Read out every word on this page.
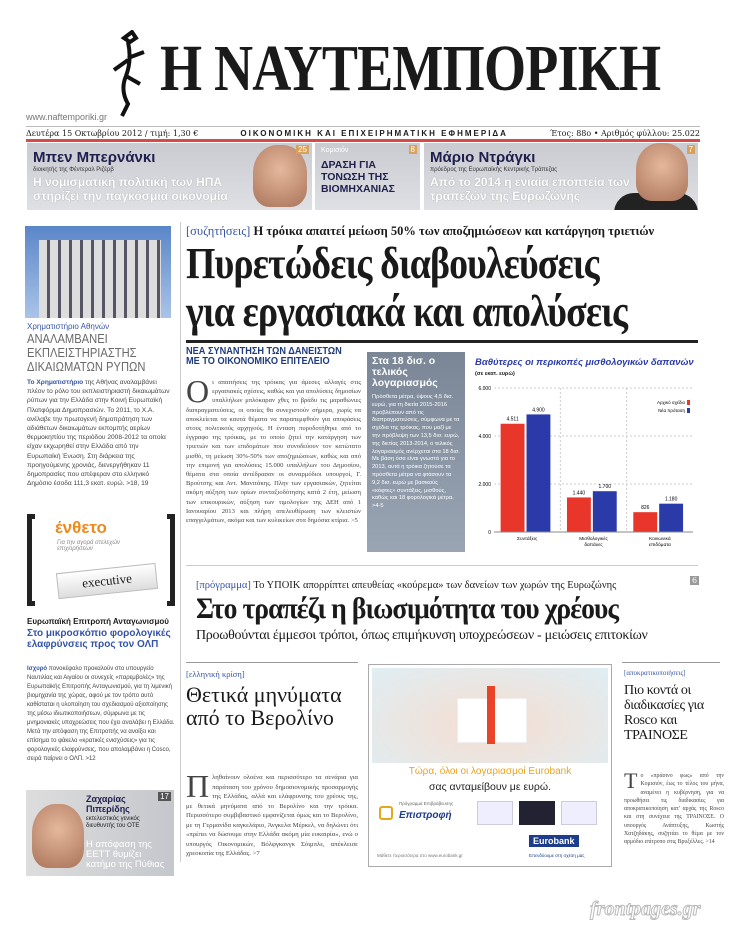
Η ΝΑΥΤΕΜΠΟΡΙΚΗ
www.naftemporiki.gr
Δευτέρα 15 Οκτωβρίου 2012 / τιμή: 1,30 €	ΟΙΚΟΝΟΜΙΚΗ ΚΑΙ ΕΠΙΧΕΙΡΗΜΑΤΙΚΗ ΕΦΗΜΕΡΙΔΑ	Έτος: 88ο • Αριθμός φύλλου: 25.022
Μπεν Μπερνάνκι
διοικητής της Φέντεραλ Ριζέρβ
Η νομισματική πολιτική των ΗΠΑ στηρίζει την παγκόσμια οικονομία
25 Κομισιόν
ΔΡΑΣΗ ΓΙΑ ΤΟΝΩΣΗ ΤΗΣ ΒΙΟΜΗΧΑΝΙΑΣ
8 Μάριο Ντράγκι
πρόεδρος της Ευρωπαϊκής Κεντρικής Τράπεζας
Από το 2014 η ενιαία εποπτεία των τραπεζών της Ευρωζώνης
7
Χρηματιστήριο Αθηνών
ΑΝΑΛΑΜΒΑΝΕΙ ΕΚΠΛΕΙΣΤΗΡΙΑΣΤΗΣ ΔΙΚΑΙΩΜΑΤΩΝ ΡΥΠΩΝ
Το Χρηματιστήριο της Αθήνας αναλαμβάνει πλέον το ρόλο του εκπλειστηριαστή δικαιωμάτων ρύπων για την Ελλάδα στην Κοινή Ευρωπαϊκή Πλατφόρμα Δημοπρασιών. Το 2011, το Χ.Α. ανέλαβε την πρωτογενή δημοπράτηση των αδιάθετων δικαιωμάτων εκπομπής αερίων θερμοκηπίου της περιόδου 2008-2012 τα οποία είχαν εκχωρηθεί στην Ελλάδα από την Ευρωπαϊκή Ένωση. Στη διάρκεια της προηγούμενης χρονιάς, διενεργήθηκαν 11 δημοπρασίες που απέφεραν στο ελληνικό Δημόσιο έσοδα 111,3 εκατ. ευρώ. >18, 19
ένθετο
Για την αγορά στελεχών επιχειρήσεων
executive
Ευρωπαϊκή Επιτροπή Ανταγωνισμού
Στο μικροσκόπιο φορολογικές ελαφρύνσεις προς τον ΟΛΠ
Ισχυρό πονοκέφαλο προκαλούν στο υπουργείο Ναυτιλίας και Αιγαίου οι συνεχείς «παρεμβολές» της Ευρωπαϊκής Επιτροπής Ανταγωνισμού, για τη λιμενική βιομηχανία της χώρας, αφού με τον τρόπο αυτό καθίσταται η υλοποίηση του σχεδιασμού αξιοποίησης της μέσω ιδιωτικοποιήσεων, σύμφωνα με τις μνημονιακές υποχρεώσεις που έχει αναλάβει η Ελλάδα. Μετά την απόφαση της Επιτροπής να ανοίξει και επίσημα το φάκελο «κρατικές ενισχύσεις» για τις φορολογικές ελαφρύνσεις, που απολαμβάνει η Cosco, σειρά παίρνει ο ΟΛΠ. >12
Ζαχαρίας Πιπερίδης
εκτελεστικός γενικός διευθυντής του ΟΤΕ
Η απόφαση της ΕΕΤΤ θυμίζει κατήμο της Πύθιας
17
[συζητήσεις] Η τρόικα απαιτεί μείωση 50% των αποζημιώσεων και κατάργηση τριετιών
Πυρετώδεις διαβουλεύσεις
για εργασιακά και απολύσεις
ΝΕΑ ΣΥΝΑΝΤΗΣΗ ΤΩΝ ΔΑΝΕΙΣΤΩΝ ΜΕ ΤΟ ΟΙΚΟΝΟΜΙΚΟ ΕΠΙΤΕΛΕΙΟ
Οι απαιτήσεις της τρόικας για άμεσες αλλαγές στις εργασιακές σχέσεις, καθώς και για απολύσεις δημοσίων υπαλλήλων μπλόκαραν χθες το βράδυ τις μαραθώνιες διαπραγματεύσεις, οι οποίες θα συνεχιστούν σήμερα, χωρίς να αποκλείεται τα καυτά θέματα να παραπεμφθούν για αποφάσεις στους πολιτικούς αρχηγούς. Η ένταση πυροδοτήθηκε από το έγγραφο της τρόικας, με το οποίο ζητεί την κατάργηση των τριετιών και των επιδομάτων που συνοδεύουν τον κατώτατο μισθό, τη μείωση 30%-50% των αποζημιώσεων, καθώς και από την επιμονή για απολύσεις 15.000 υπαλλήλων του Δημοσίου, θέματα στα οποία αντέδρασαν οι συναρμόδιοι υπουργοί, Γ. Βρούτσης και Αντ. Μανιτάκης. Πλην των εργασιακών, ζητείται ακόμη αύξηση των ορίων συνταξιοδότησης κατά 2 έτη, μείωση των επικουρικών, αύξηση των τιμολογίων της ΔΕΗ από 1 Ιανουαρίου 2013 και πλήρη απελευθέρωση των κλειστών επαγγελμάτων, ακόμα και των κυλικείων στα δημόσια κτίρια. >5
Στα 18 δισ. ο τελικός λογαριασμός
Πρόσθετα μέτρα, ύψους 4,5 δισ. ευρώ, για τη διετία 2015-2016 προβλέπουν από τις διαπραγματεύσεις, σύμφωνα με τα σχέδια της τρόικας, που μαζί με την πρόβλεψη των 13,5 δισ. ευρώ, της διετίας 2013-2014, ο τελικός λογαριασμός ανέρχεται στα 18 δισ. Με βάση όσα είναι γνωστά για το 2013, αυτά η τρόικα ζητούσε τα πρόσθετα μέτρα να φτάσουν τα 9,2 δισ. ευρώ με βασικούς «κόφτες» συντάξεις, μισθούς, καθώς και 18 φορολογικά μέτρα. >4-5
Βαθύτερες οι περικοπές μισθολογικών δαπανών
(σε εκατ. ευρώ)
0
2.000
4.000
6.000
Συντάξεις
4.511
4.900
Μισθολογικές
δαπάνες
1.440
1.700
Κοινωνικά
επιδόματα
826
1.180
Αρχικό σχέδιο
Νέα πρόταση
[πρόγραμμα] Το ΥΠΟΙΚ απορρίπτει απευθείας «κούρεμα» των δανείων των χωρών της Ευρωζώνης	6
Στο τραπέζι η βιωσιμότητα του χρέους
Προωθούνται έμμεσοι τρόποι, όπως επιμήκυνση υποχρεώσεων - μειώσεις επιτοκίων
[ελληνική κρίση]
Θετικά μηνύματα από το Βερολίνο
Πληθαίνουν ολοένα και περισσότερο τα σενάρια για παράταση του χρόνου δημοσιονομικής προσαρμογής της Ελλάδας, αλλά και ελάφρυνσης του χρέους της, με θετικά μηνύματα από το Βερολίνο και την τρόικα. Περισσότερο συμβιβαστικό εμφανίζεται όμως και το Βερολίνο, με τη Γερμανίδα καγκελάριο, Άνγκελα Μέρκελ, να δηλώνει ότι «πρέπει να δώσουμε στην Ελλάδα ακόμη μία ευκαιρία», ενώ ο υπουργός Οικονομικών, Βόλφγκανγκ Σόιμπλε, απέκλεισε χρεοκοπία της Ελλάδας. >7
Τώρα, όλοι οι λογαριασμοί Eurobank
σας ανταμείβουν με ευρώ.
Πρόγραμμα Επιβράβευσης
Επιστροφή
Eurobank
Επενδύουμε στη σχέση μας
Μάθετε περισσότερα στο www.eurobank.gr
[αποκρατικοποιήσεις]
Πιο κοντά οι διαδικασίες για Rosco και ΤΡΑΙΝΟΣΕ
Το «πράσινο φως» από την Κομισιόν, έως το τέλος του μήνα, αναμένει η κυβέρνηση, για να προωθήσει τις διαδικασίες για αποκρατικοποίηση κατ' αρχάς της Rosco και στη συνέχεια της ΤΡΑΙΝΟΣΕ. Ο υπουργός Ανάπτυξης, Κωστής Χατζηδάκης, συζητάει το θέμα με τον αρμόδιο επίτροπο στις Βρυξέλλες. >14
frontpages.gr
